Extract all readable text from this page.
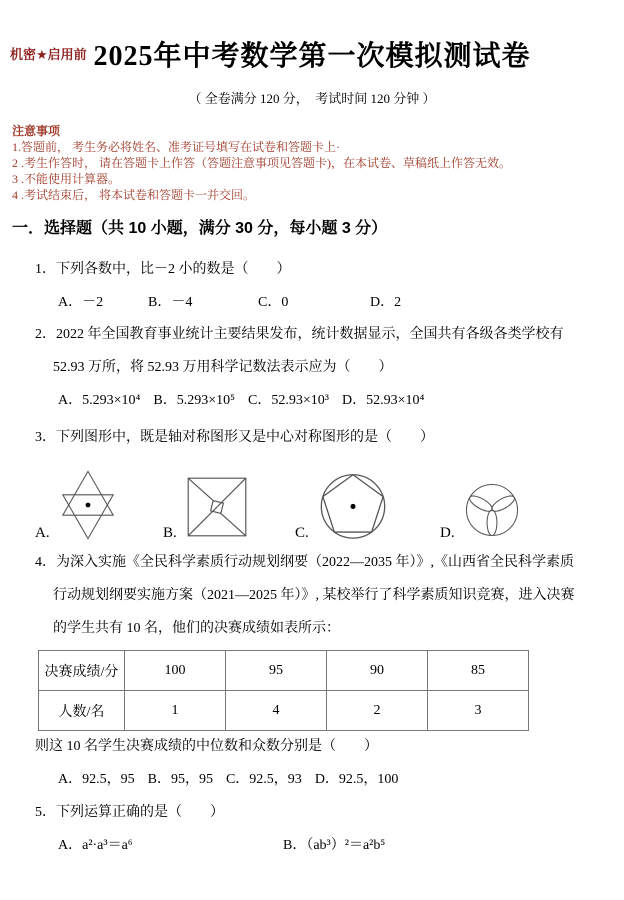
机密★启用前 2025年中考数学第一次模拟测试卷
（ 全卷满分 120 分，　考试时间 120 分钟 ）
注意事项
1.答题前， 考生务必将姓名、准考证号填写在试卷和答题卡上·
2 .考生作答时， 请在答题卡上作答（答题注意事项见答题卡)，在本试卷、草稿纸上作答无效。
3 .不能使用计算器。
4 .考试结束后， 将本试卷和答题卡一并交回。
一．选择题（共 10 小题，满分 30 分，每小题 3 分）
1．下列各数中，比－2 小的数是（　　）
A．－2	B．－4	C．0	D．2
2．2022 年全国教育事业统计主要结果发布，统计数据显示，全国共有各级各类学校有
52.93 万所，将 52.93 万用科学记数法表示应为（　　）
A．5.293×10⁴ B．5.293×10⁵ C．52.93×10³ D．52.93×10⁴
3．下列图形中，既是轴对称图形又是中心对称图形的是（　　）
A.	B.	C.	D.
4．为深入实施《全民科学素质行动规划纲要（2022—2035 年）》,《山西省全民科学素质
行动规划纲要实施方案（2021—2025 年）》, 某校举行了科学素质知识竞赛，进入决赛
的学生共有 10 名，他们的决赛成绩如表所示：
决赛成绩/分	100	95	90	85
人数/名	1	4	2	3
则这 10 名学生决赛成绩的中位数和众数分别是（　　）
A．92.5，95 B．95，95 C．92.5，93 D．92.5，100
5．下列运算正确的是（　　）
A．a²·a³＝a⁶	B．（ab³）²＝a²b⁵
